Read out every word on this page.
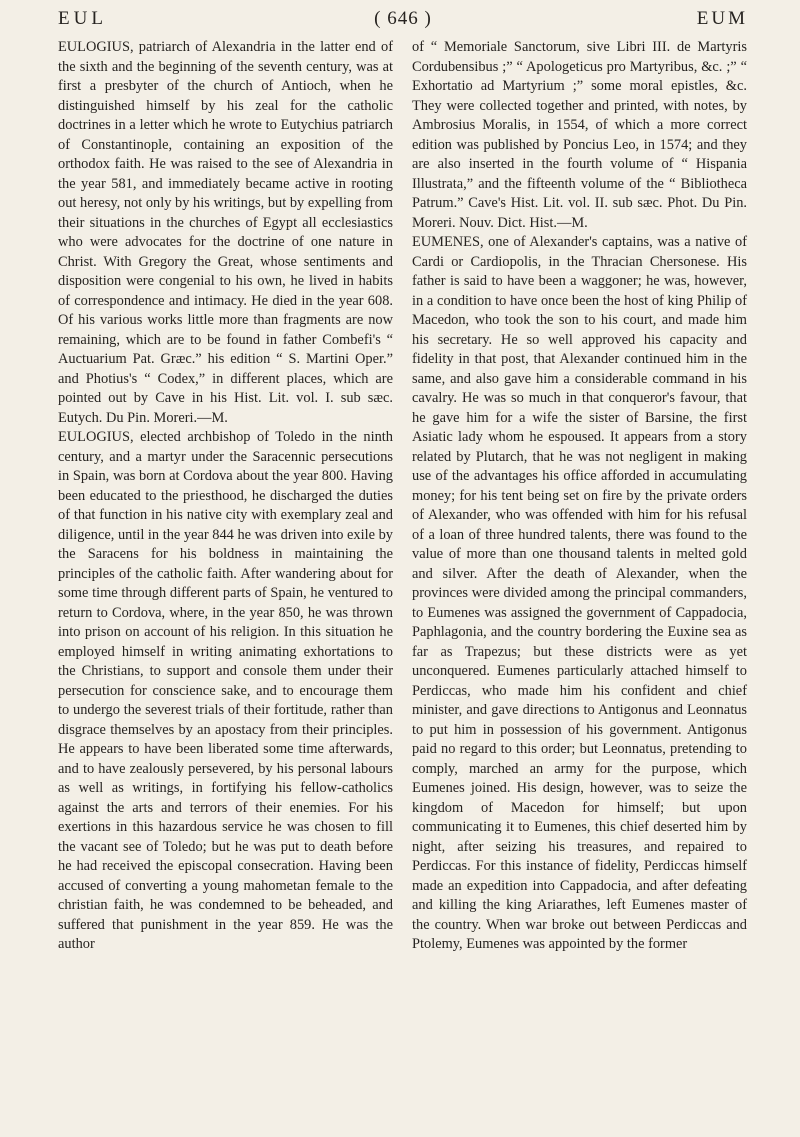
EUL	( 646 )	EUM

EULOGIUS, patriarch of Alexandria in the latter end of the sixth and the beginning of the seventh century, was at first a presbyter of the church of Antioch, when he distinguished himself by his zeal for the catholic doctrines in a letter which he wrote to Eutychius patriarch of Constantinople, containing an exposition of the orthodox faith. He was raised to the see of Alexandria in the year 581, and immediately became active in rooting out heresy, not only by his writings, but by expelling from their situations in the churches of Egypt all ecclesiastics who were advocates for the doctrine of one nature in Christ. With Gregory the Great, whose sentiments and disposition were congenial to his own, he lived in habits of correspondence and intimacy. He died in the year 608. Of his various works little more than fragments are now remaining, which are to be found in father Combefi's “ Auctuarium Pat. Græc.” his edition “ S. Martini Oper.” and Photius's “ Codex,” in different places, which are pointed out by Cave in his Hist. Lit. vol. I. sub sæc. Eutych. Du Pin. Moreri.—M.

EULOGIUS, elected archbishop of Toledo in the ninth century, and a martyr under the Saracennic persecutions in Spain, was born at Cordova about the year 800. Having been educated to the priesthood, he discharged the duties of that function in his native city with exemplary zeal and diligence, until in the year 844 he was driven into exile by the Saracens for his boldness in maintaining the principles of the catholic faith. After wandering about for some time through different parts of Spain, he ventured to return to Cordova, where, in the year 850, he was thrown into prison on account of his religion. In this situation he employed himself in writing animating exhortations to the Christians, to support and console them under their persecution for conscience sake, and to encourage them to undergo the severest trials of their fortitude, rather than disgrace themselves by an apostacy from their principles. He appears to have been liberated some time afterwards, and to have zealously persevered, by his personal labours as well as writings, in fortifying his fellow-catholics against the arts and terrors of their enemies. For his exertions in this hazardous service he was chosen to fill the vacant see of Toledo; but he was put to death before he had received the episcopal consecration. Having been accused of converting a young mahometan female to the christian faith, he was condemned to be beheaded, and suffered that punishment in the year 859. He was the author

of “ Memoriale Sanctorum, sive Libri III. de Martyris Cordubensibus ;” “ Apologeticus pro Martyribus, &c. ;” “ Exhortatio ad Martyrium ;” some moral epistles, &c. They were collected together and printed, with notes, by Ambrosius Moralis, in 1554, of which a more correct edition was published by Poncius Leo, in 1574; and they are also inserted in the fourth volume of “ Hispania Illustrata,” and the fifteenth volume of the “ Bibliotheca Patrum.” Cave's Hist. Lit. vol. II. sub sæc. Phot. Du Pin. Moreri. Nouv. Dict. Hist.—M.

EUMENES, one of Alexander's captains, was a native of Cardi or Cardiopolis, in the Thracian Chersonese. His father is said to have been a waggoner; he was, however, in a condition to have once been the host of king Philip of Macedon, who took the son to his court, and made him his secretary. He so well approved his capacity and fidelity in that post, that Alexander continued him in the same, and also gave him a considerable command in his cavalry. He was so much in that conqueror's favour, that he gave him for a wife the sister of Barsine, the first Asiatic lady whom he espoused. It appears from a story related by Plutarch, that he was not negligent in making use of the advantages his office afforded in accumulating money; for his tent being set on fire by the private orders of Alexander, who was offended with him for his refusal of a loan of three hundred talents, there was found to the value of more than one thousand talents in melted gold and silver. After the death of Alexander, when the provinces were divided among the principal commanders, to Eumenes was assigned the government of Cappadocia, Paphlagonia, and the country bordering the Euxine sea as far as Trapezus; but these districts were as yet unconquered. Eumenes particularly attached himself to Perdiccas, who made him his confident and chief minister, and gave directions to Antigonus and Leonnatus to put him in possession of his government. Antigonus paid no regard to this order; but Leonnatus, pretending to comply, marched an army for the purpose, which Eumenes joined. His design, however, was to seize the kingdom of Macedon for himself; but upon communicating it to Eumenes, this chief deserted him by night, after seizing his treasures, and repaired to Perdiccas. For this instance of fidelity, Perdiccas himself made an expedition into Cappadocia, and after defeating and killing the king Ariarathes, left Eumenes master of the country. When war broke out between Perdiccas and Ptolemy, Eumenes was appointed by the former
